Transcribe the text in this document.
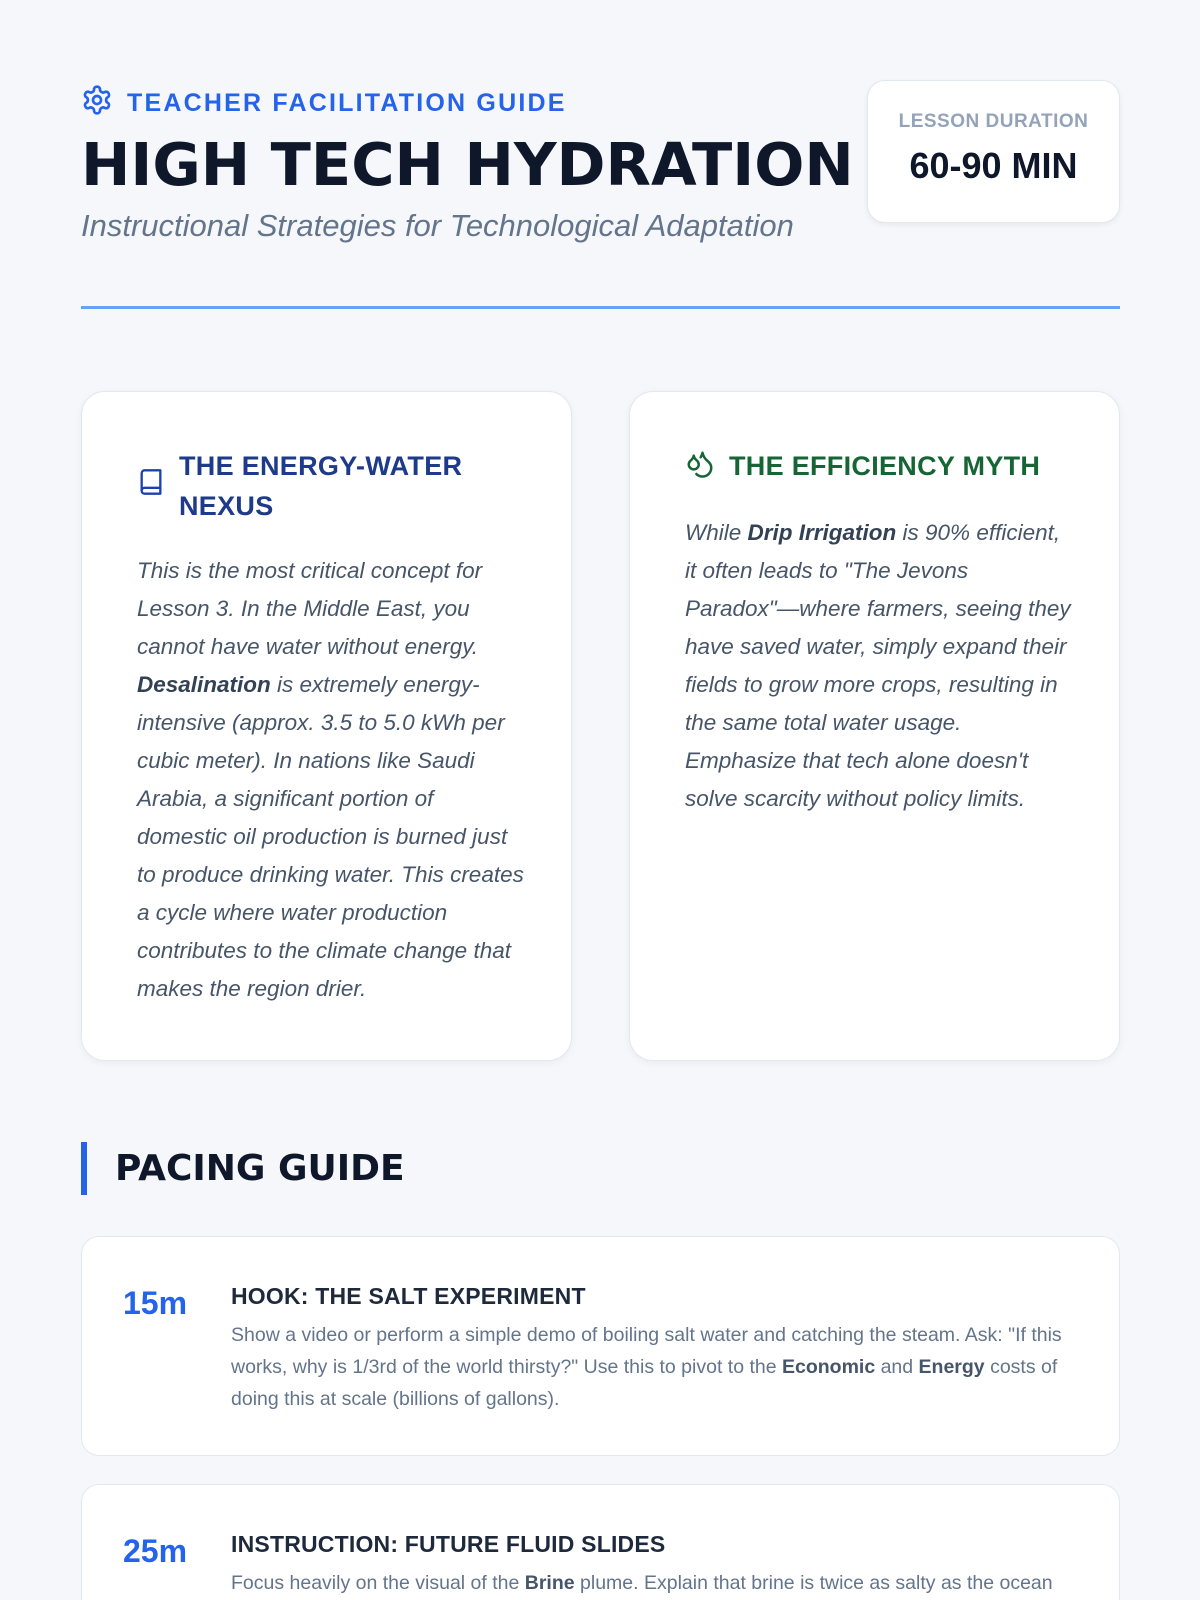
TEACHER FACILITATION GUIDE
HIGH TECH HYDRATION
Instructional Strategies for Technological Adaptation
LESSON DURATION
60-90 MIN
THE ENERGY-WATER NEXUS
This is the most critical concept for Lesson 3. In the Middle East, you cannot have water without energy. Desalination is extremely energy-intensive (approx. 3.5 to 5.0 kWh per cubic meter). In nations like Saudi Arabia, a significant portion of domestic oil production is burned just to produce drinking water. This creates a cycle where water production contributes to the climate change that makes the region drier.
THE EFFICIENCY MYTH
While Drip Irrigation is 90% efficient, it often leads to "The Jevons Paradox"—where farmers, seeing they have saved water, simply expand their fields to grow more crops, resulting in the same total water usage. Emphasize that tech alone doesn't solve scarcity without policy limits.
PACING GUIDE
15m HOOK: THE SALT EXPERIMENT
Show a video or perform a simple demo of boiling salt water and catching the steam. Ask: "If this works, why is 1/3rd of the world thirsty?" Use this to pivot to the Economic and Energy costs of doing this at scale (billions of gallons).
25m INSTRUCTION: FUTURE FLUID SLIDES
Focus heavily on the visual of the Brine plume. Explain that brine is twice as salty as the ocean
